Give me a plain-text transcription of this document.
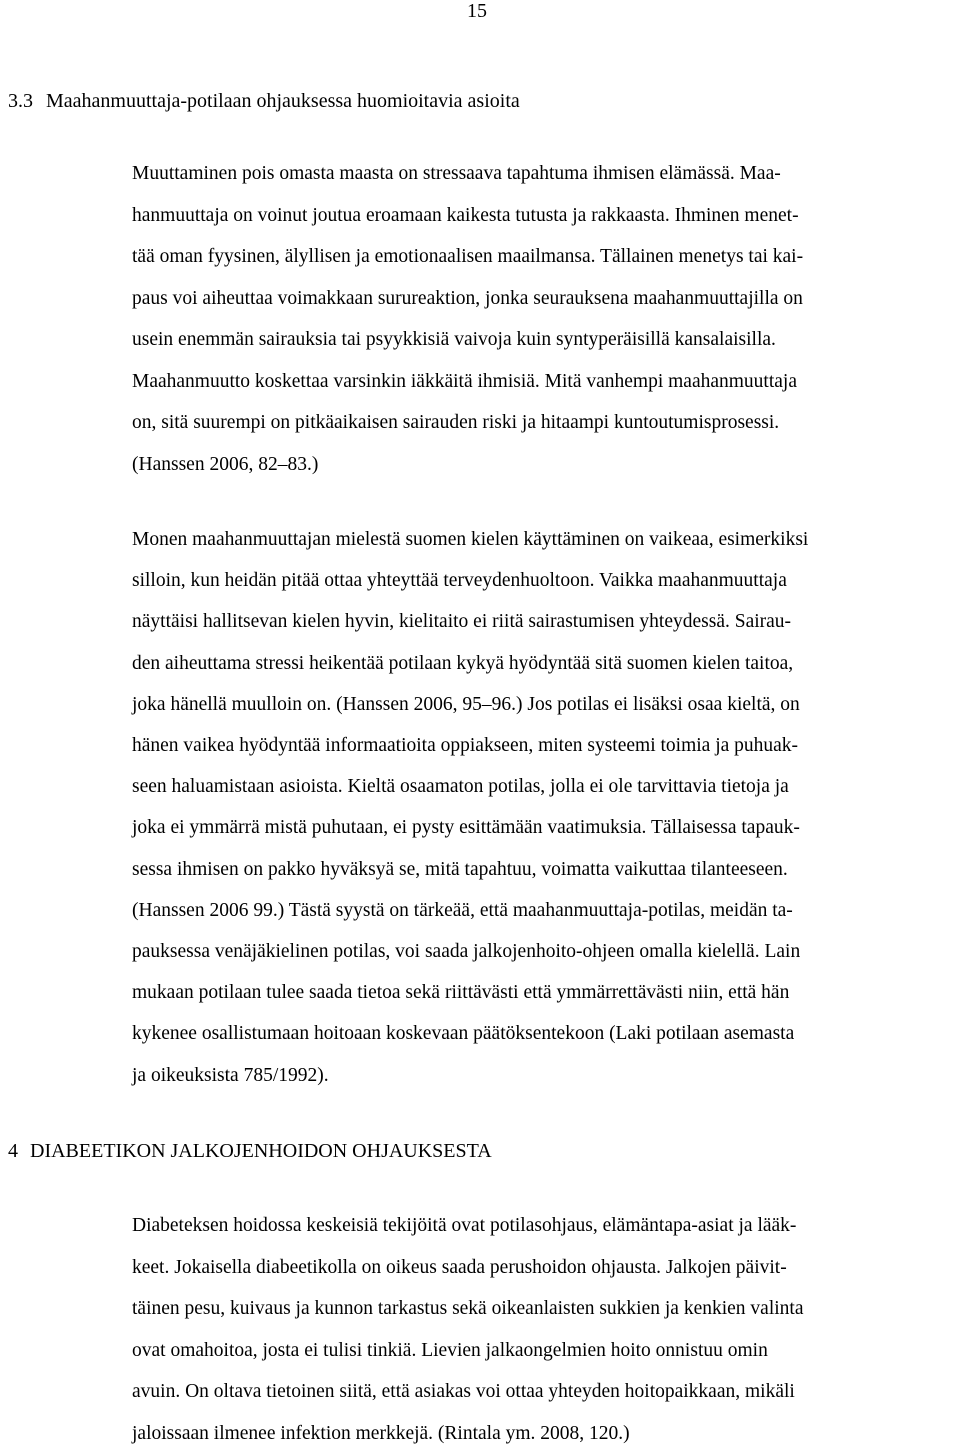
15
3.3 Maahanmuuttaja-potilaan ohjauksessa huomioitavia asioita
Muuttaminen pois omasta maasta on stressaava tapahtuma ihmisen elämässä. Maa-
hanmuuttaja on voinut joutua eroamaan kaikesta tutusta ja rakkaasta. Ihminen menet-
tää oman fyysinen, älyllisen ja emotionaalisen maailmansa. Tällainen menetys tai kai-
paus voi aiheuttaa voimakkaan surureaktion, jonka seurauksena maahanmuuttajilla on
usein enemmän sairauksia tai psyykkisiä vaivoja kuin syntyperäisillä kansalaisilla.
Maahanmuutto koskettaa varsinkin iäkkäitä ihmisiä. Mitä vanhempi maahanmuuttaja
on, sitä suurempi on pitkäaikaisen sairauden riski ja hitaampi kuntoutumisprosessi.
(Hanssen 2006, 82–83.)
Monen maahanmuuttajan mielestä suomen kielen käyttäminen on vaikeaa, esimerkiksi
silloin, kun heidän pitää ottaa yhteyttää terveydenhuoltoon. Vaikka maahanmuuttaja
näyttäisi hallitsevan kielen hyvin, kielitaito ei riitä sairastumisen yhteydessä. Sairau-
den aiheuttama stressi heikentää potilaan kykyä hyödyntää sitä suomen kielen taitoa,
joka hänellä muulloin on. (Hanssen 2006, 95–96.) Jos potilas ei lisäksi osaa kieltä, on
hänen vaikea hyödyntää informaatioita oppiakseen, miten systeemi toimia ja puhuak-
seen haluamistaan asioista. Kieltä osaamaton potilas, jolla ei ole tarvittavia tietoja ja
joka ei ymmärrä mistä puhutaan, ei pysty esittämään vaatimuksia. Tällaisessa tapauk-
sessa ihmisen on pakko hyväksyä se, mitä tapahtuu, voimatta vaikuttaa tilanteeseen.
(Hanssen 2006 99.) Tästä syystä on tärkeää, että maahanmuuttaja-potilas, meidän ta-
pauksessa venäjäkielinen potilas, voi saada jalkojenhoito-ohjeen omalla kielellä. Lain
mukaan potilaan tulee saada tietoa sekä riittävästi että ymmärrettävästi niin, että hän
kykenee osallistumaan hoitoaan koskevaan päätöksentekoon (Laki potilaan asemasta
ja oikeuksista 785/1992).
4 DIABEETIKON JALKOJENHOIDON OHJAUKSESTA
Diabeteksen hoidossa keskeisiä tekijöitä ovat potilasohjaus, elämäntapa-asiat ja lääk-
keet. Jokaisella diabeetikolla on oikeus saada perushoidon ohjausta. Jalkojen päivit-
täinen pesu, kuivaus ja kunnon tarkastus sekä oikeanlaisten sukkien ja kenkien valinta
ovat omahoitoa, josta ei tulisi tinkiä. Lievien jalkaongelmien hoito onnistuu omin
avuin. On oltava tietoinen siitä, että asiakas voi ottaa yhteyden hoitopaikkaan, mikäli
jaloissaan ilmenee infektion merkkejä. (Rintala ym. 2008, 120.)
